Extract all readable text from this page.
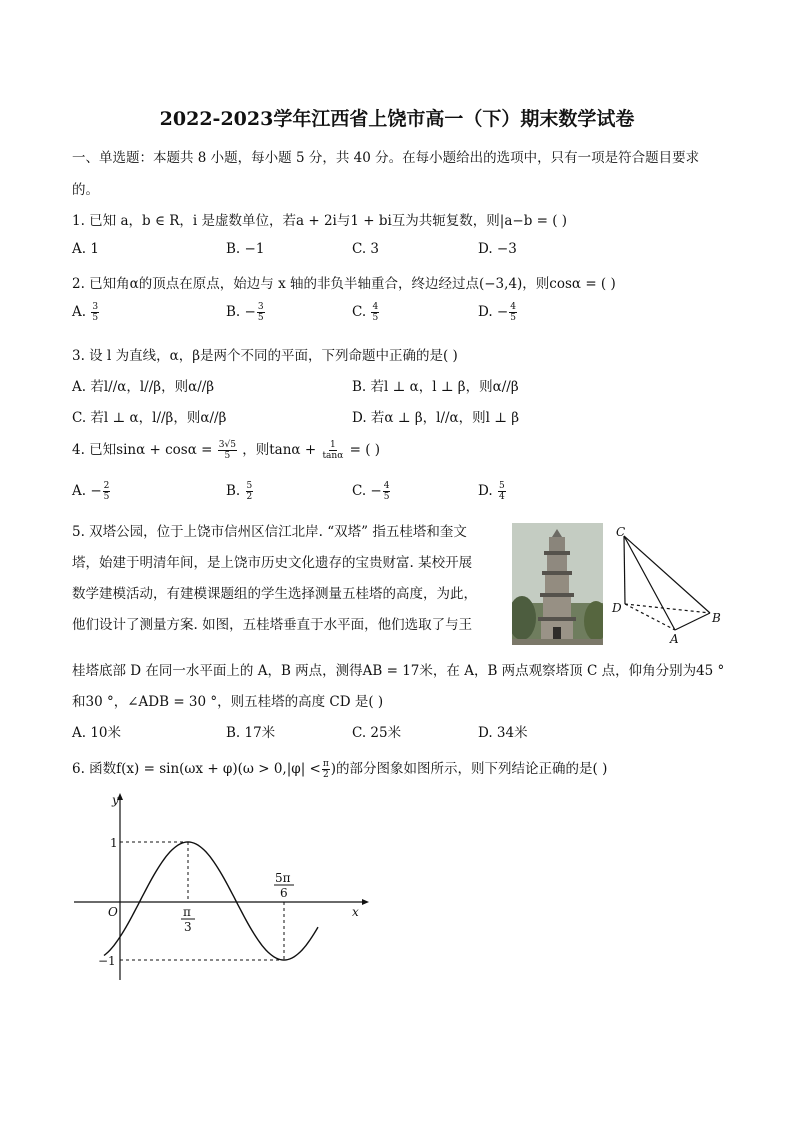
2022-2023学年江西省上饶市高一（下）期末数学试卷
一、单选题：本题共 8 小题，每小题 5 分，共 40 分。在每小题给出的选项中，只有一项是符合题目要求
的。
1. 已知 a，b ∈ R，i 是虚数单位，若a + 2i与1 + bi互为共轭复数，则|a−b = ( )
A. 1	B. −1	C. 3	D. −3
2. 已知角α的顶点在原点，始边与 x 轴的非负半轴重合，终边经过点(−3,4)，则cosα = ( )
A. $\frac{3}{5}$	B. − $\frac{3}{5}$	C. $\frac{4}{5}$	D. − $\frac{4}{5}$
3. 设 l 为直线，α，β是两个不同的平面，下列命题中正确的是( )
A. 若l//α，l//β，则α//β	B. 若l ⊥ α，l ⊥ β，则α//β
C. 若l ⊥ α，l//β，则α//β	D. 若α ⊥ β，l//α，则l ⊥ β
4. 已知$\sin\alpha + \cos\alpha = \frac{3√5}{5}$ ，则$\tan\alpha + \frac{1}{\tan\alpha}$ = ( )
A. − $\frac{2}{5}$	B. $\frac{5}{2}$	C. − $\frac{4}{5}$	D. $\frac{5}{4}$
5. 双塔公园，位于上饶市信州区信江北岸. “双塔” 指五桂塔和奎文
塔，始建于明清年间，是上饶市历史文化遗存的宝贵财富. 某校开展
数学建模活动，有建模课题组的学生选择测量五桂塔的高度，为此，
他们设计了测量方案. 如图，五桂塔垂直于水平面，他们选取了与王
C
D
A
B
桂塔底部 D 在同一水平面上的 A，B 两点，测得AB = 17米，在 A，B 两点观察塔顶 C 点，仰角分别为45 °
和30 °，∠ADB = 30 °，则五桂塔的高度 CD 是( )
A. 10米	B. 17米	C. 25米	D. 34米
6. 函数$f(x) = \sin(\omega x + \varphi)(\omega > 0,|\varphi| < \frac{\pi}{2}$ )的部分图象如图所示，则下列结论正确的是( )
y
x
O
1
−1
π
3
5π
6
